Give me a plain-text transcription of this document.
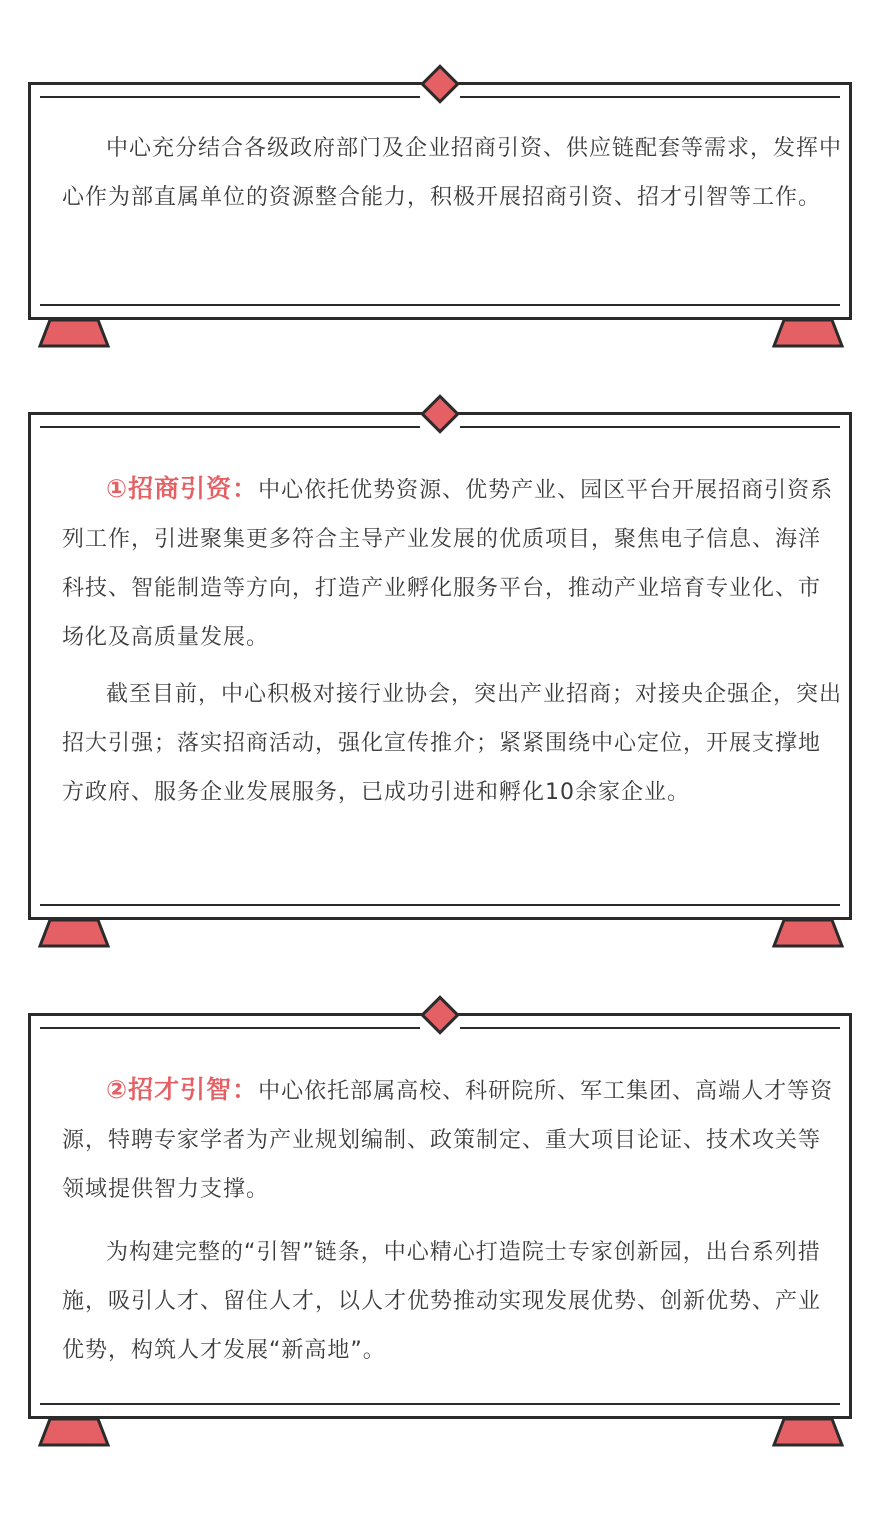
中心充分结合各级政府部门及企业招商引资、供应链配套等需求，发挥中心作为部直属单位的资源整合能力，积极开展招商引资、招才引智等工作。

①招商引资：中心依托优势资源、优势产业、园区平台开展招商引资系列工作，引进聚集更多符合主导产业发展的优质项目，聚焦电子信息、海洋科技、智能制造等方向，打造产业孵化服务平台，推动产业培育专业化、市场化及高质量发展。

截至目前，中心积极对接行业协会，突出产业招商；对接央企强企，突出招大引强；落实招商活动，强化宣传推介；紧紧围绕中心定位，开展支撑地方政府、服务企业发展服务，已成功引进和孵化10余家企业。

②招才引智：中心依托部属高校、科研院所、军工集团、高端人才等资源，特聘专家学者为产业规划编制、政策制定、重大项目论证、技术攻关等领域提供智力支撑。

为构建完整的“引智”链条，中心精心打造院士专家创新园，出台系列措施，吸引人才、留住人才，以人才优势推动实现发展优势、创新优势、产业优势，构筑人才发展“新高地”。
